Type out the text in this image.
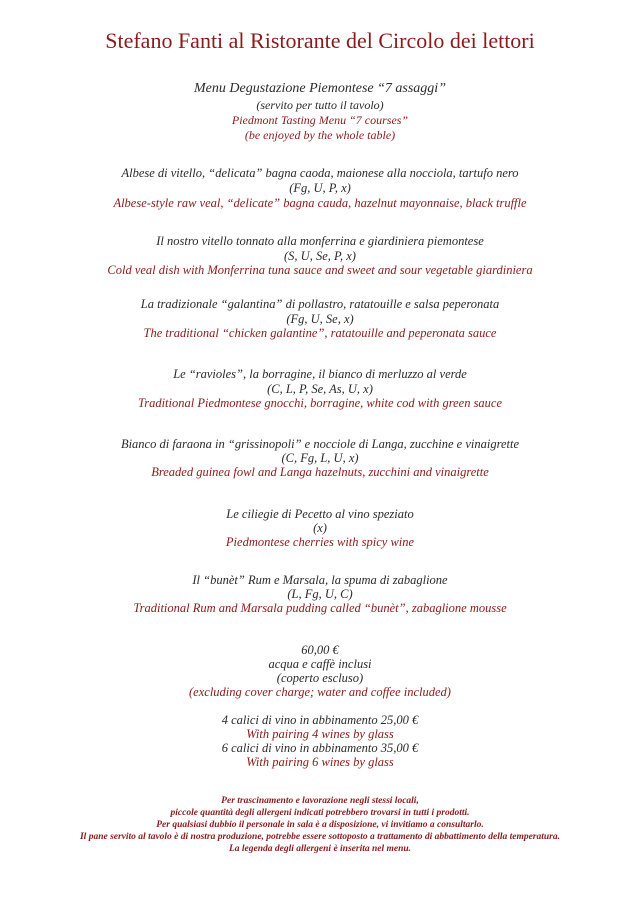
Stefano Fanti al Ristorante del Circolo dei lettori
Menu Degustazione Piemontese “7 assaggi”
(servito per tutto il tavolo)
Piedmont Tasting Menu “7 courses”
(be enjoyed by the whole table)
Albese di vitello, “delicata” bagna caoda, maionese alla nocciola, tartufo nero
(Fg, U, P, x)
Albese-style raw veal, “delicate” bagna cauda, hazelnut mayonnaise, black truffle
Il nostro vitello tonnato alla monferrina e giardiniera piemontese
(S, U, Se, P, x)
Cold veal dish with Monferrina tuna sauce and sweet and sour vegetable giardiniera
La tradizionale “galantina” di pollastro, ratatouille e salsa peperonata
(Fg, U, Se, x)
The traditional “chicken galantine”, ratatouille and peperonata sauce
Le “ravioles”, la borragine, il bianco di merluzzo al verde
(C, L, P, Se, As, U, x)
Traditional Piedmontese gnocchi, borragine, white cod with green sauce
Bianco di faraona in “grissinopoli” e nocciole di Langa, zucchine e vinaigrette
(C, Fg, L, U, x)
Breaded guinea fowl and Langa hazelnuts, zucchini and vinaigrette
Le ciliegie di Pecetto al vino speziato
(x)
Piedmontese cherries with spicy wine
Il “bunèt” Rum e Marsala, la spuma di zabaglione
(L, Fg, U, C)
Traditional Rum and Marsala pudding called “bunèt”, zabaglione mousse
60,00 €
acqua e caffè inclusi
(coperto escluso)
(excluding cover charge; water and coffee included)
4 calici di vino in abbinamento 25,00 €
With pairing 4 wines by glass
6 calici di vino in abbinamento 35,00 €
With pairing 6 wines by glass
Per trascinamento e lavorazione negli stessi locali,
piccole quantità degli allergeni indicati potrebbero trovarsi in tutti i prodotti.
Per qualsiasi dubbio il personale in sala è a disposizione, vi invitiamo a consultarlo.
Il pane servito al tavolo è di nostra produzione, potrebbe essere sottoposto a trattamento di abbattimento della temperatura.
La legenda degli allergeni è inserita nel menu.
